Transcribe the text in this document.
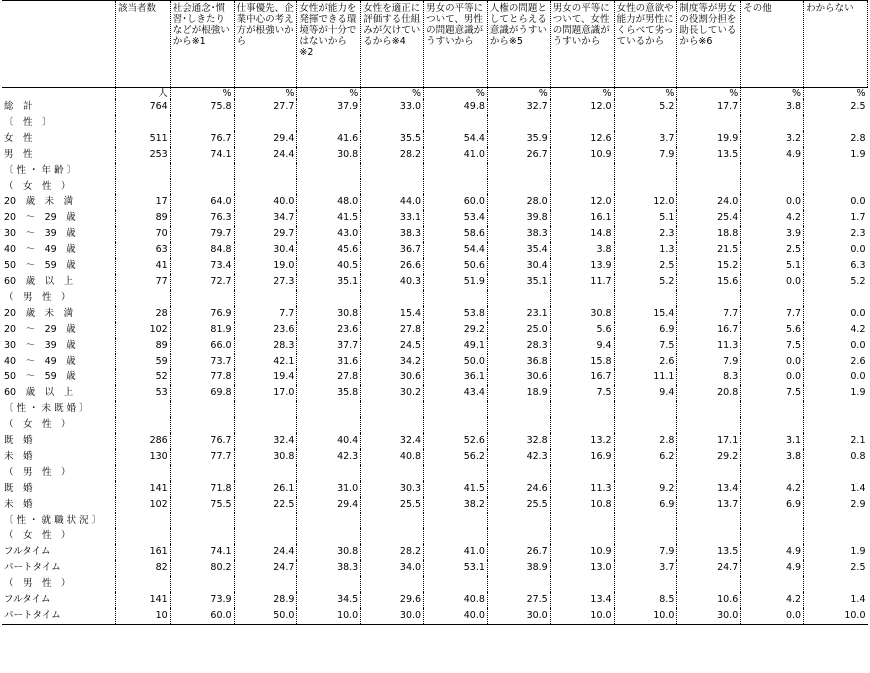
	該当者数	社会通念･慣習･しきたりなどが根強いから※1	仕事優先、企業中心の考え方が根強いから	女性が能力を発揮できる環境等が十分ではないから※2	女性を適正に評価する仕組みが欠けているから※4	男女の平等について、男性の問題意識がうすいから	人権の問題としてとらえる意識がうすいから※5	男女の平等について、女性の問題意識がうすいから	女性の意欲や能力が男性にくらべて劣っているから	制度等が男女の役割分担を助長しているから※6	その他	わからない
	人	%	%	%	%	%	%	%	%	%	%	%
総　計	764	75.8	27.7	37.9	33.0	49.8	32.7	12.0	5.2	17.7	3.8	2.5
〔　性　〕												
女　性	511	76.7	29.4	41.6	35.5	54.4	35.9	12.6	3.7	19.9	3.2	2.8
男　性	253	74.1	24.4	30.8	28.2	41.0	26.7	10.9	7.9	13.5	4.9	1.9
〔 性 ・ 年 齢 〕												
（　女　性　）												
20　歳　未　満	17	64.0	40.0	48.0	44.0	60.0	28.0	12.0	12.0	24.0	0.0	0.0
20　～　29　歳	89	76.3	34.7	41.5	33.1	53.4	39.8	16.1	5.1	25.4	4.2	1.7
30　～　39　歳	70	79.7	29.7	43.0	38.3	58.6	38.3	14.8	2.3	18.8	3.9	2.3
40　～　49　歳	63	84.8	30.4	45.6	36.7	54.4	35.4	3.8	1.3	21.5	2.5	0.0
50　～　59　歳	41	73.4	19.0	40.5	26.6	50.6	30.4	13.9	2.5	15.2	5.1	6.3
60　歳　以　上	77	72.7	27.3	35.1	40.3	51.9	35.1	11.7	5.2	15.6	0.0	5.2
（　男　性　）												
20　歳　未　満	28	76.9	7.7	30.8	15.4	53.8	23.1	30.8	15.4	7.7	7.7	0.0
20　～　29　歳	102	81.9	23.6	23.6	27.8	29.2	25.0	5.6	6.9	16.7	5.6	4.2
30　～　39　歳	89	66.0	28.3	37.7	24.5	49.1	28.3	9.4	7.5	11.3	7.5	0.0
40　～　49　歳	59	73.7	42.1	31.6	34.2	50.0	36.8	15.8	2.6	7.9	0.0	2.6
50　～　59　歳	52	77.8	19.4	27.8	30.6	36.1	30.6	16.7	11.1	8.3	0.0	0.0
60　歳　以　上	53	69.8	17.0	35.8	30.2	43.4	18.9	7.5	9.4	20.8	7.5	1.9
〔 性 ・ 未 既 婚 〕												
（　女　性　）												
既　婚	286	76.7	32.4	40.4	32.4	52.6	32.8	13.2	2.8	17.1	3.1	2.1
未　婚	130	77.7	30.8	42.3	40.8	56.2	42.3	16.9	6.2	29.2	3.8	0.8
（　男　性　）												
既　婚	141	71.8	26.1	31.0	30.3	41.5	24.6	11.3	9.2	13.4	4.2	1.4
未　婚	102	75.5	22.5	29.4	25.5	38.2	25.5	10.8	6.9	13.7	6.9	2.9
〔 性 ・ 就 職 状 況 〕												
（　女　性　）												
フルタイム	161	74.1	24.4	30.8	28.2	41.0	26.7	10.9	7.9	13.5	4.9	1.9
パートタイム	82	80.2	24.7	38.3	34.0	53.1	38.9	13.0	3.7	24.7	4.9	2.5
（　男　性　）												
フルタイム	141	73.9	28.9	34.5	29.6	40.8	27.5	13.4	8.5	10.6	4.2	1.4
パートタイム	10	60.0	50.0	10.0	30.0	40.0	30.0	10.0	10.0	30.0	0.0	10.0
